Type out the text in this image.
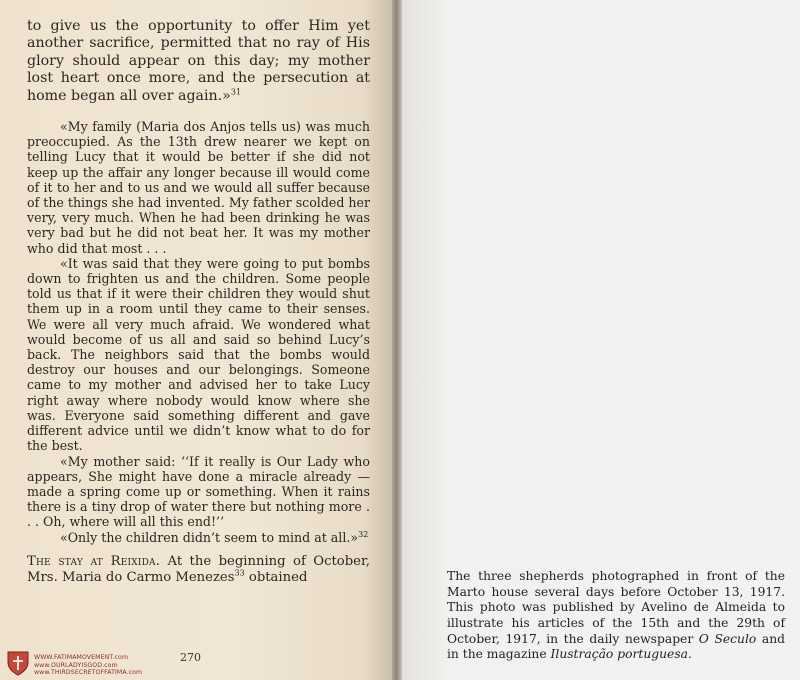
to give us the opportunity to offer Him yet another sacrifice, permitted that no ray of His glory should appear on this day; my mother lost heart once more, and the persecution at home began all over again.»$^{31}$

«My family (Maria dos Anjos tells us) was much preoccupied. As the 13th drew nearer we kept on telling Lucy that it would be better if she did not keep up the affair any longer because ill would come of it to her and to us and we would all suffer because of the things she had invented. My father scolded her very, very much. When he had been drinking he was very bad but he did not beat her. It was my mother who did that most . . .

«It was said that they were going to put bombs down to frighten us and the children. Some people told us that if it were their children they would shut them up in a room until they came to their senses. We were all very much afraid. We wondered what would become of us all and said so behind Lucy’s back. The neighbors said that the bombs would destroy our houses and our belongings. Someone came to my mother and advised her to take Lucy right away where nobody would know where she was. Everyone said something different and gave different advice until we didn’t know what to do for the best.

«My mother said: ‘‘If it really is Our Lady who appears, She might have done a miracle already — made a spring come up or something. When it rains there is a tiny drop of water there but nothing more . . . Oh, where will all this end!’’

«Only the children didn’t seem to mind at all.»$^{32}$

The stay at Reixida. At the beginning of October, Mrs. Maria do Carmo Menezes$^{33}$ obtained

WWW.FATIMAMOVEMENT.com
www.OURLADYISGOD.com
www.THIRDSECRETOFFATIMA.com
270

The three shepherds photographed in front of the Marto house several days before October 13, 1917. This photo was published by Avelino de Almeida to illustrate his articles of the 15th and the 29th of October, 1917, in the daily newspaper O Seculo and in the magazine Ilustração portuguesa.
